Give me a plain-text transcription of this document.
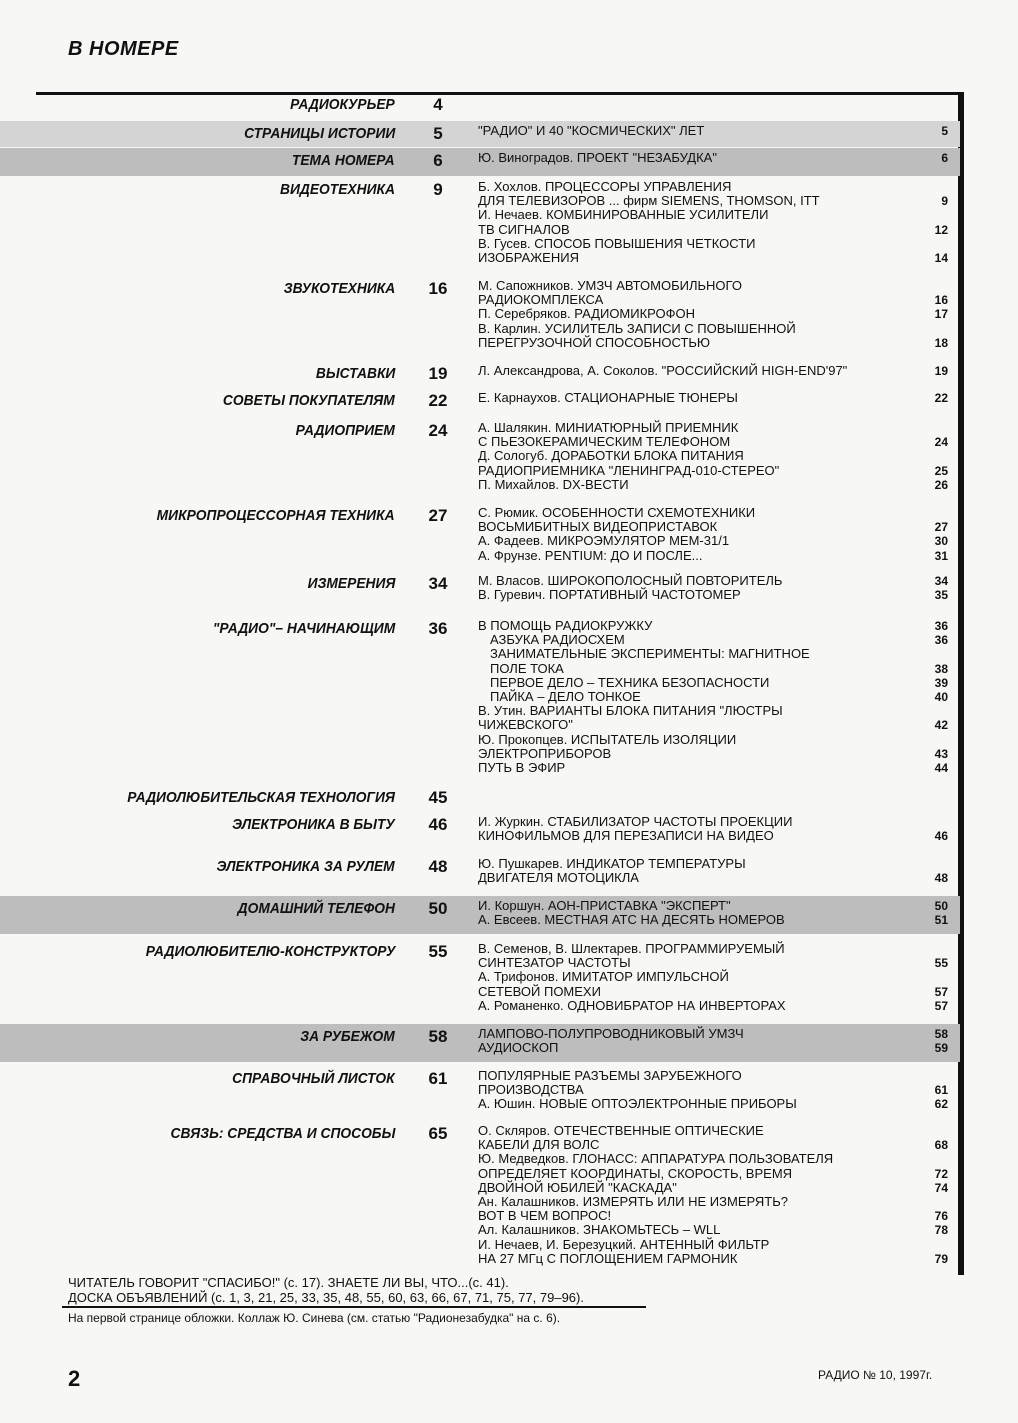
В НОМЕРЕ
РАДИОКУРЬЕР	4
СТРАНИЦЫ ИСТОРИИ	5	"РАДИО" И 40 "КОСМИЧЕСКИХ" ЛЕТ	5
ТЕМА НОМЕРА	6	Ю. Виноградов. ПРОЕКТ "НЕЗАБУДКА"	6
ВИДЕОТЕХНИКА	9	Б. Хохлов. ПРОЦЕССОРЫ УПРАВЛЕНИЯ
ДЛЯ ТЕЛЕВИЗОРОВ ... фирм SIEMENS, THOMSON, ITT	9
И. Нечаев. КОМБИНИРОВАННЫЕ УСИЛИТЕЛИ
ТВ СИГНАЛОВ	12
В. Гусев. СПОСОБ ПОВЫШЕНИЯ ЧЕТКОСТИ
ИЗОБРАЖЕНИЯ	14
ЗВУКОТЕХНИКА	16	М. Сапожников. УМЗЧ АВТОМОБИЛЬНОГО
РАДИОКОМПЛЕКСА	16
П. Серебряков. РАДИОМИКРОФОН	17
В. Карлин. УСИЛИТЕЛЬ ЗАПИСИ С ПОВЫШЕННОЙ
ПЕРЕГРУЗОЧНОЙ СПОСОБНОСТЬЮ	18
ВЫСТАВКИ	19	Л. Александрова, А. Соколов. "РОССИЙСКИЙ HIGH-END'97"	19
СОВЕТЫ ПОКУПАТЕЛЯМ	22	Е. Карнаухов. СТАЦИОНАРНЫЕ ТЮНЕРЫ	22
РАДИОПРИЕМ	24	А. Шалякин. МИНИАТЮРНЫЙ ПРИЕМНИК
С ПЬЕЗОКЕРАМИЧЕСКИМ ТЕЛЕФОНОМ	24
Д. Сологуб. ДОРАБОТКИ БЛОКА ПИТАНИЯ
РАДИОПРИЕМНИКА "ЛЕНИНГРАД-010-СТЕРЕО"	25
П. Михайлов. DX-ВЕСТИ	26
МИКРОПРОЦЕССОРНАЯ ТЕХНИКА	27	С. Рюмик. ОСОБЕННОСТИ СХЕМОТЕХНИКИ
ВОСЬМИБИТНЫХ ВИДЕОПРИСТАВОК	27
А. Фадеев. МИКРОЭМУЛЯТОР МЕМ-31/1	30
А. Фрунзе. PENTIUM: ДО И ПОСЛЕ...	31
ИЗМЕРЕНИЯ	34	М. Власов. ШИРОКОПОЛОСНЫЙ ПОВТОРИТЕЛЬ	34
В. Гуревич. ПОРТАТИВНЫЙ ЧАСТОТОМЕР	35
"РАДИО"– НАЧИНАЮЩИМ	36	В ПОМОЩЬ РАДИОКРУЖКУ	36
АЗБУКА РАДИОСХЕМ	36
ЗАНИМАТЕЛЬНЫЕ ЭКСПЕРИМЕНТЫ: МАГНИТНОЕ
ПОЛЕ ТОКА	38
ПЕРВОЕ ДЕЛО – ТЕХНИКА БЕЗОПАСНОСТИ	39
ПАЙКА – ДЕЛО ТОНКОЕ	40
В. Утин. ВАРИАНТЫ БЛОКА ПИТАНИЯ "ЛЮСТРЫ
ЧИЖЕВСКОГО"	42
Ю. Прокопцев. ИСПЫТАТЕЛЬ ИЗОЛЯЦИИ
ЭЛЕКТРОПРИБОРОВ	43
ПУТЬ В ЭФИР	44
РАДИОЛЮБИТЕЛЬСКАЯ ТЕХНОЛОГИЯ	45
ЭЛЕКТРОНИКА В БЫТУ	46	И. Журкин. СТАБИЛИЗАТОР ЧАСТОТЫ ПРОЕКЦИИ
КИНОФИЛЬМОВ ДЛЯ ПЕРЕЗАПИСИ НА ВИДЕО	46
ЭЛЕКТРОНИКА ЗА РУЛЕМ	48	Ю. Пушкарев. ИНДИКАТОР ТЕМПЕРАТУРЫ
ДВИГАТЕЛЯ МОТОЦИКЛА	48
ДОМАШНИЙ ТЕЛЕФОН	50	И. Коршун. АОН-ПРИСТАВКА "ЭКСПЕРТ"	50
А. Евсеев. МЕСТНАЯ АТС НА ДЕСЯТЬ НОМЕРОВ	51
РАДИОЛЮБИТЕЛЮ-КОНСТРУКТОРУ	55	В. Семенов, В. Шлектарев. ПРОГРАММИРУЕМЫЙ
СИНТЕЗАТОР ЧАСТОТЫ	55
А. Трифонов. ИМИТАТОР ИМПУЛЬСНОЙ
СЕТЕВОЙ ПОМЕХИ	57
А. Романенко. ОДНОВИБРАТОР НА ИНВЕРТОРАХ	57
ЗА РУБЕЖОМ	58	ЛАМПОВО-ПОЛУПРОВОДНИКОВЫЙ УМЗЧ	58
АУДИОСКОП	59
СПРАВОЧНЫЙ ЛИСТОК	61	ПОПУЛЯРНЫЕ РАЗЪЕМЫ ЗАРУБЕЖНОГО
ПРОИЗВОДСТВА	61
А. Юшин. НОВЫЕ ОПТОЭЛЕКТРОННЫЕ ПРИБОРЫ	62
СВЯЗЬ: СРЕДСТВА И СПОСОБЫ	65	О. Скляров. ОТЕЧЕСТВЕННЫЕ ОПТИЧЕСКИЕ
КАБЕЛИ ДЛЯ ВОЛС	68
Ю. Медведков. ГЛОНАСС: АППАРАТУРА ПОЛЬЗОВАТЕЛЯ
ОПРЕДЕЛЯЕТ КООРДИНАТЫ, СКОРОСТЬ, ВРЕМЯ	72
ДВОЙНОЙ ЮБИЛЕЙ "КАСКАДА"	74
Ан. Калашников. ИЗМЕРЯТЬ ИЛИ НЕ ИЗМЕРЯТЬ?
ВОТ В ЧЕМ ВОПРОС!	76
Ал. Калашников. ЗНАКОМЬТЕСЬ – WLL	78
И. Нечаев, И. Березуцкий. АНТЕННЫЙ ФИЛЬТР
НА 27 МГц С ПОГЛОЩЕНИЕМ ГАРМОНИК	79
ЧИТАТЕЛЬ ГОВОРИТ "СПАСИБО!" (с. 17). ЗНАЕТЕ ЛИ ВЫ, ЧТО...(с. 41).
ДОСКА ОБЪЯВЛЕНИЙ (с. 1, 3, 21, 25, 33, 35, 48, 55, 60, 63, 66, 67, 71, 75, 77, 79–96).
На первой странице обложки. Коллаж Ю. Синева (см. статью "Радионезабудка" на с. 6).
2	РАДИО № 10, 1997г.
